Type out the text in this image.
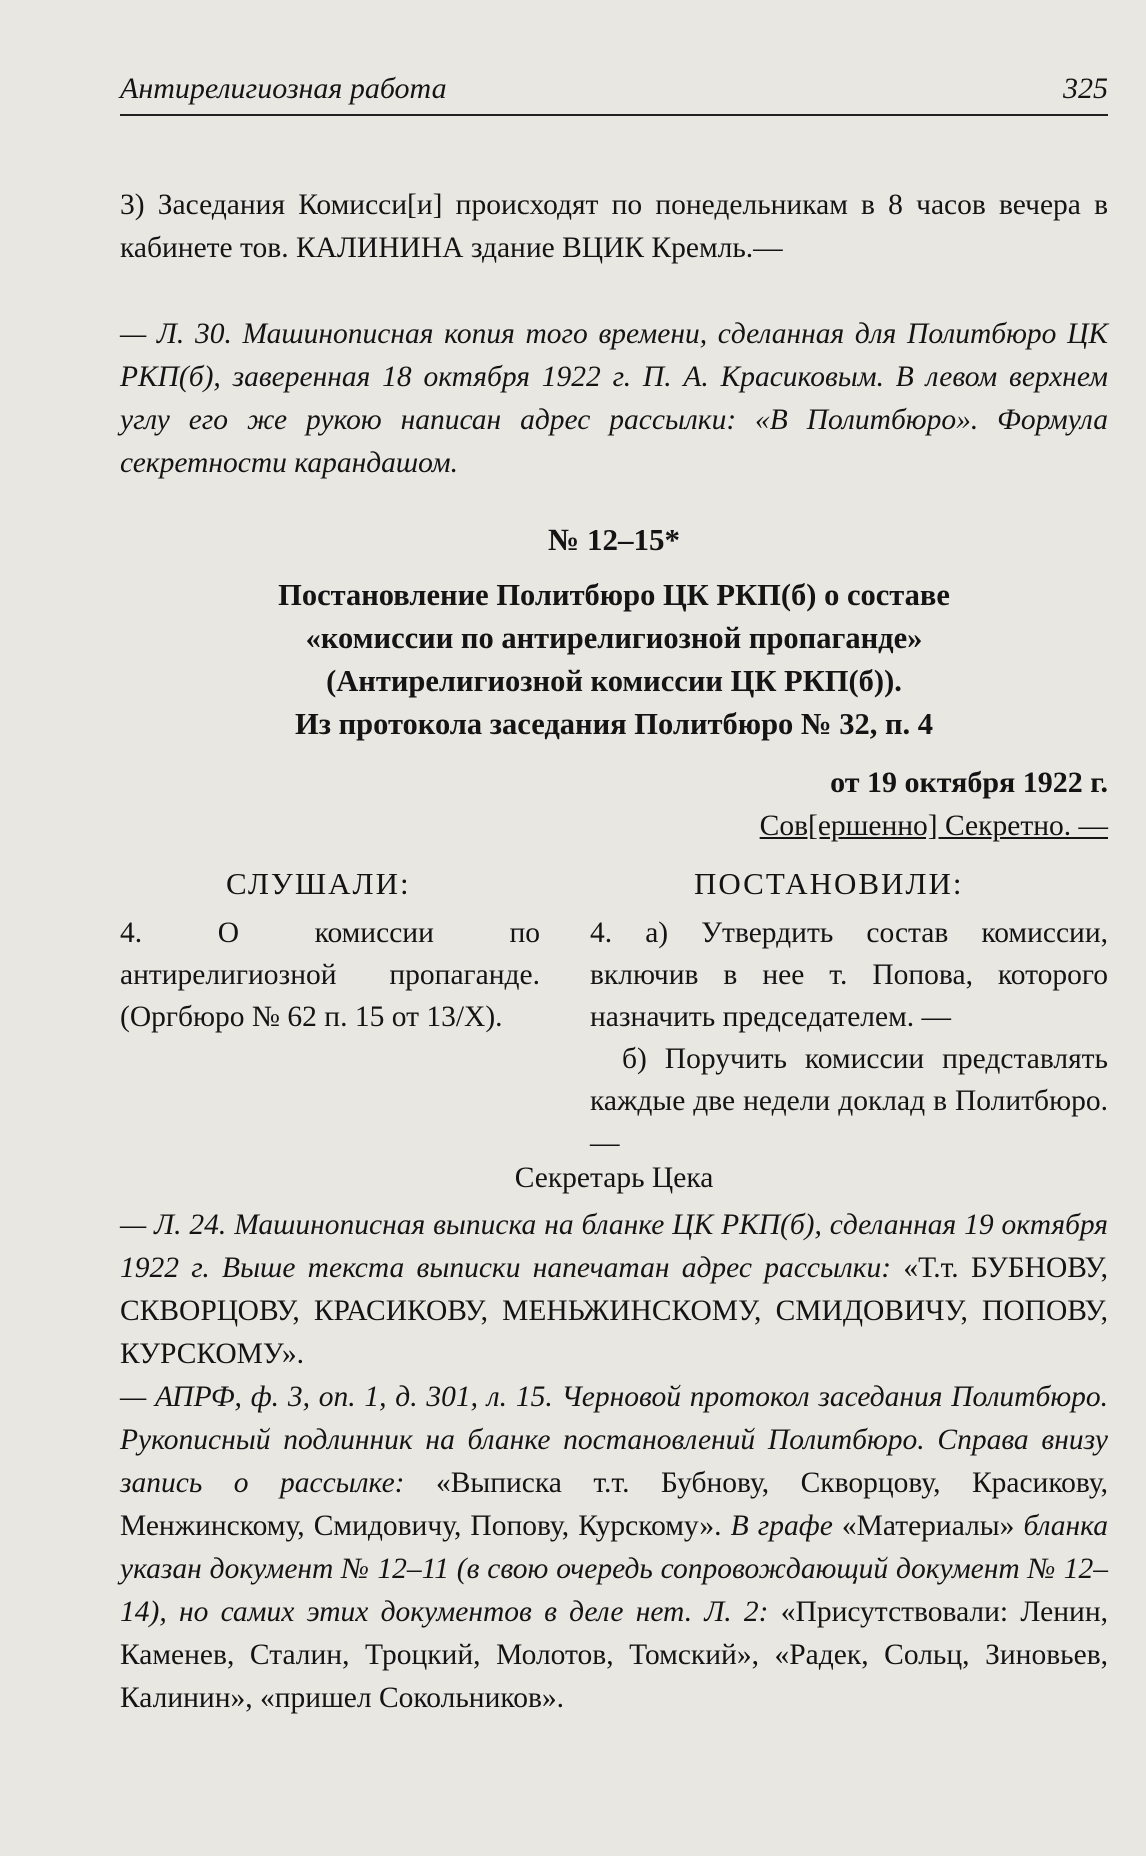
Антирелигиозная работа	325

3) Заседания Комисси[и] происходят по понедельникам в 8 часов вечера в кабинете тов. КАЛИНИНА здание ВЦИК Кремль.—

— Л. 30. Машинописная копия того времени, сделанная для Политбюро ЦК РКП(б), заверенная 18 октября 1922 г. П. А. Красиковым. В левом верхнем углу его же рукою написан адрес рассылки: «В Политбюро». Формула секретности карандашом.

№ 12–15*
Постановление Политбюро ЦК РКП(б) о составе
«комиссии по антирелигиозной пропаганде»
(Антирелигиозной комиссии ЦК РКП(б)).
Из протокола заседания Политбюро № 32, п. 4
от 19 октября 1922 г.
Сов[ершенно] Секретно. —
СЛУШАЛИ:	ПОСТАНОВИЛИ:
4. О комиссии по антирелигиозной пропаганде. (Оргбюро № 62 п. 15 от 13/X).

4. а) Утвердить состав комиссии, включив в нее т. Попова, которого назначить председателем. —

б) Поручить комиссии представлять каждые две недели доклад в Политбюро.—

Секретарь Цека

— Л. 24. Машинописная выписка на бланке ЦК РКП(б), сделанная 19 октября 1922 г. Выше текста выписки напечатан адрес рассылки: «Т.т. БУБНОВУ, СКВОРЦОВУ, КРАСИКОВУ, МЕНЬЖИНСКОМУ, СМИДОВИЧУ, ПОПОВУ, КУРСКОМУ».

— АПРФ, ф. 3, оп. 1, д. 301, л. 15. Черновой протокол заседания Политбюро. Рукописный подлинник на бланке постановлений Политбюро. Справа внизу запись о рассылке: «Выписка т.т. Бубнову, Скворцову, Красикову, Менжинскому, Смидовичу, Попову, Курскому». В графе «Материалы» бланка указан документ № 12–11 (в свою очередь сопровождающий документ № 12–14), но самих этих документов в деле нет. Л. 2: «Присутствовали: Ленин, Каменев, Сталин, Троцкий, Молотов, Томский», «Радек, Сольц, Зиновьев, Калинин», «пришел Сокольников».
